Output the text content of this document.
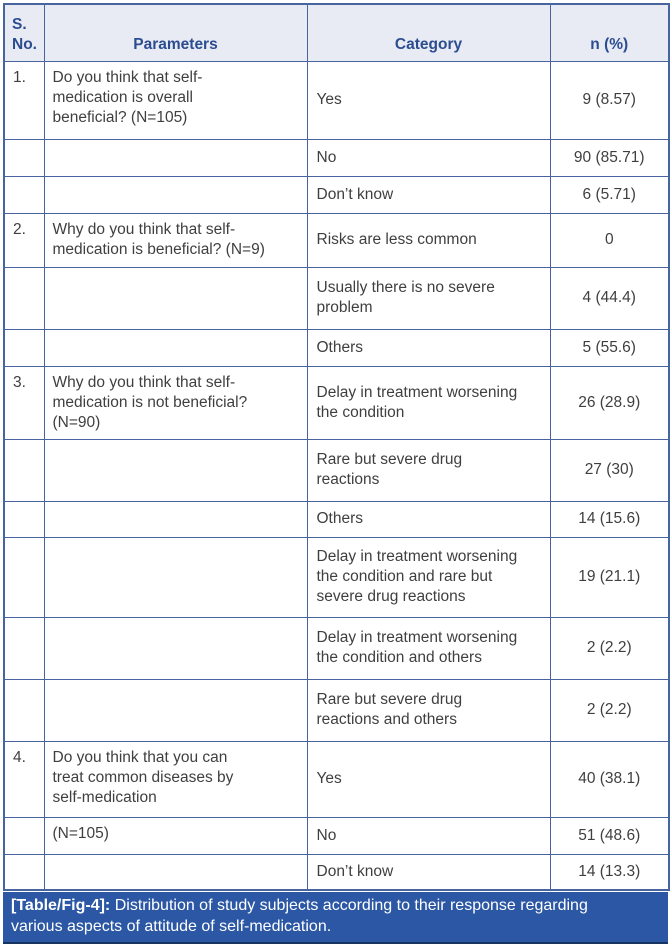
S.
No.	Parameters	Category	n (%)
1.	Do you think that self-
medication is overall
beneficial? (N=105)	Yes	9 (8.57)
		No	90 (85.71)
		Don’t know	6 (5.71)
2.	Why do you think that self-
medication is beneficial? (N=9)	Risks are less common	0
		Usually there is no severe
problem	4 (44.4)
		Others	5 (55.6)
3.	Why do you think that self-
medication is not beneficial?
(N=90)	Delay in treatment worsening
the condition	26 (28.9)
		Rare but severe drug
reactions	27 (30)
		Others	14 (15.6)
		Delay in treatment worsening
the condition and rare but
severe drug reactions	19 (21.1)
		Delay in treatment worsening
the condition and others	2 (2.2)
		Rare but severe drug
reactions and others	2 (2.2)
4.	Do you think that you can
treat common diseases by
self-medication	Yes	40 (38.1)
	(N=105)	No	51 (48.6)
		Don’t know	14 (13.3)
[Table/Fig-4]: Distribution of study subjects according to their response regarding
various aspects of attitude of self-medication.
